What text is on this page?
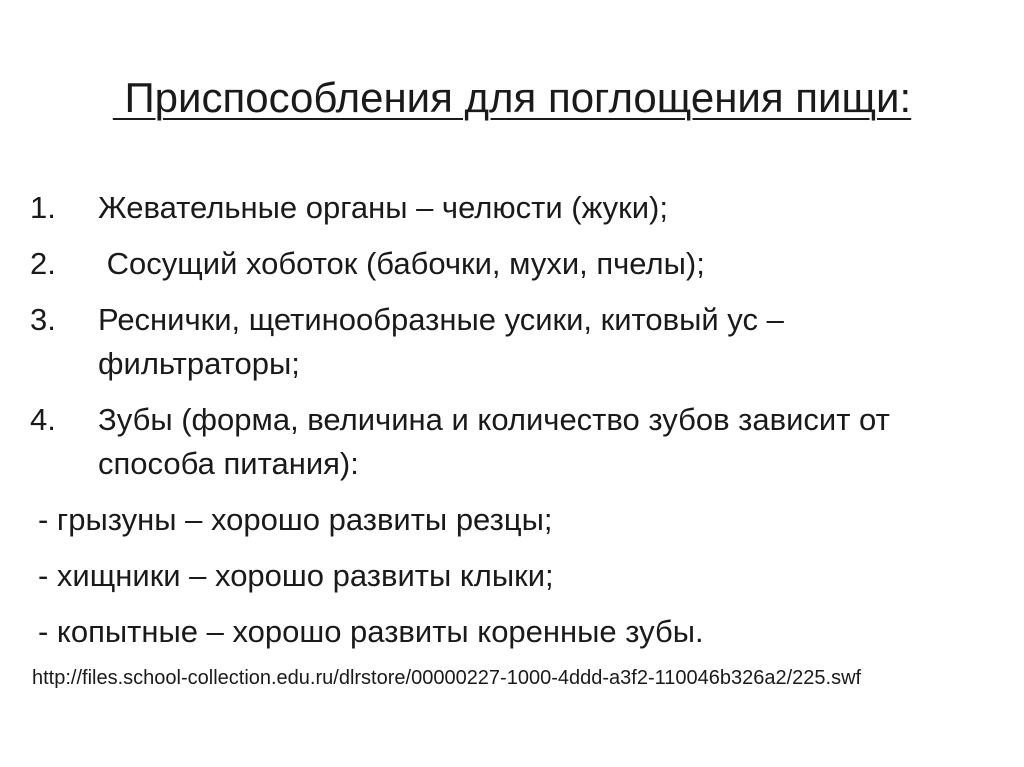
Приспособления для поглощения пищи:
1. Жевательные органы – челюсти (жуки);
2. Сосущий хоботок (бабочки, мухи, пчелы);
3. Реснички, щетинообразные усики, китовый ус – фильтраторы;
4. Зубы (форма, величина и количество зубов зависит от способа питания):
- грызуны – хорошо развиты резцы;
- хищники – хорошо развиты клыки;
- копытные – хорошо развиты коренные зубы.
http://files.school-collection.edu.ru/dlrstore/00000227-1000-4ddd-a3f2-110046b326a2/225.swf
